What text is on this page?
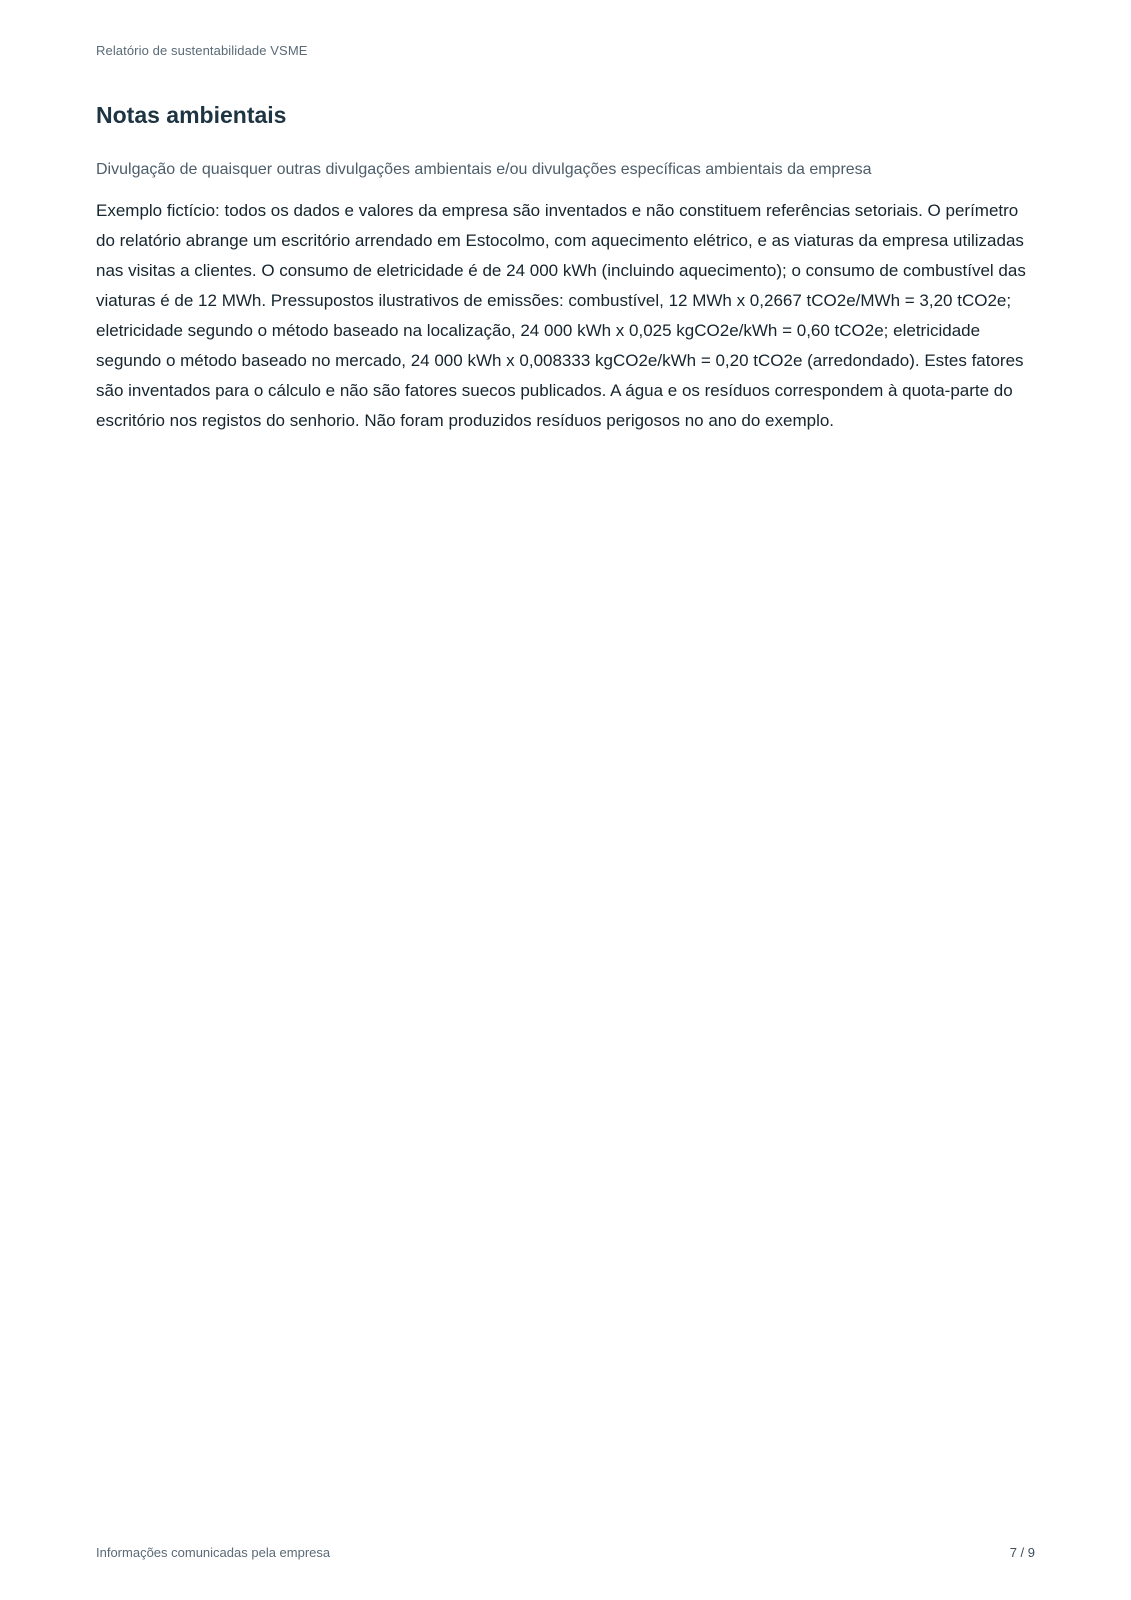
Relatório de sustentabilidade VSME
Notas ambientais

Divulgação de quaisquer outras divulgações ambientais e/ou divulgações específicas ambientais da empresa

Exemplo fictício: todos os dados e valores da empresa são inventados e não constituem referências setoriais. O perímetro do relatório abrange um escritório arrendado em Estocolmo, com aquecimento elétrico, e as viaturas da empresa utilizadas nas visitas a clientes. O consumo de eletricidade é de 24 000 kWh (incluindo aquecimento); o consumo de combustível das viaturas é de 12 MWh. Pressupostos ilustrativos de emissões: combustível, 12 MWh x 0,2667 tCO2e/MWh = 3,20 tCO2e; eletricidade segundo o método baseado na localização, 24 000 kWh x 0,025 kgCO2e/kWh = 0,60 tCO2e; eletricidade segundo o método baseado no mercado, 24 000 kWh x 0,008333 kgCO2e/kWh = 0,20 tCO2e (arredondado). Estes fatores são inventados para o cálculo e não são fatores suecos publicados. A água e os resíduos correspondem à quota-parte do escritório nos registos do senhorio. Não foram produzidos resíduos perigosos no ano do exemplo.

Informações comunicadas pela empresa	7 / 9
